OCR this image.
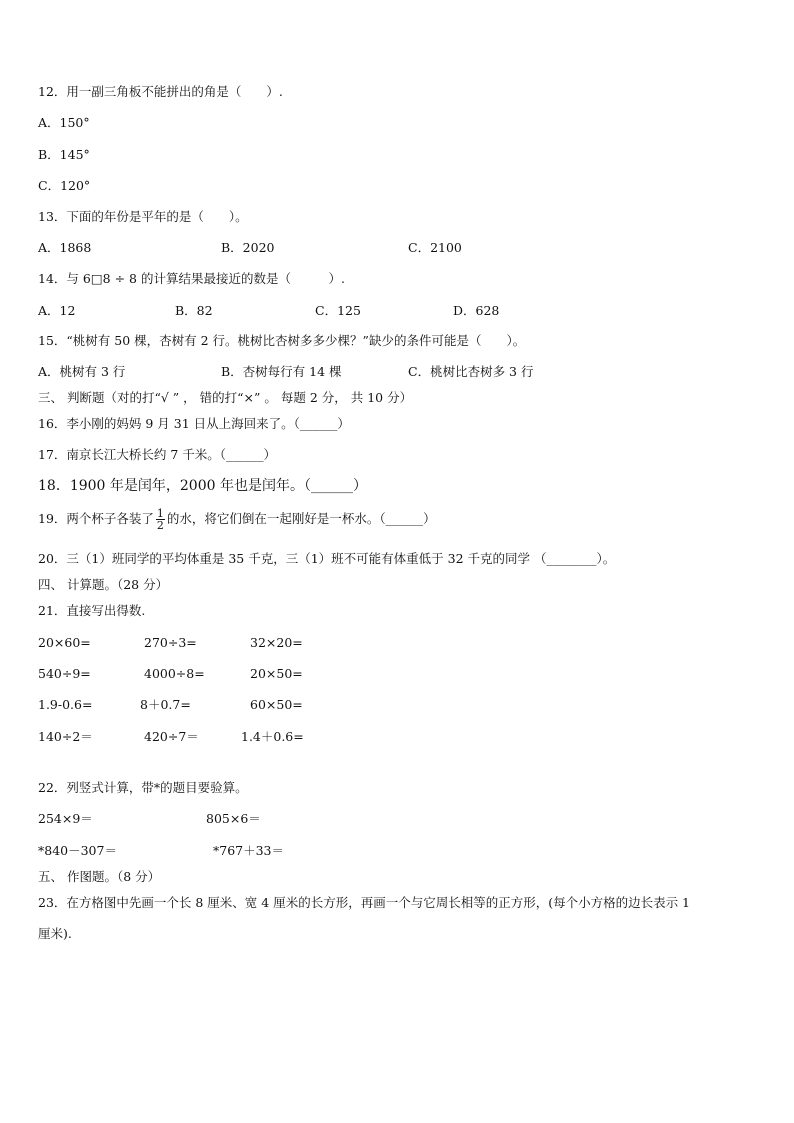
12．用一副三角板不能拼出的角是（　　）.
A．150°
B．145°
C．120°
13．下面的年份是平年的是（　　）。
A．1868	B．2020	C．2100
14．与 6□8 ÷ 8 的计算结果最接近的数是（　　　）.
A．12	B．82	C．125	D．628
15．“桃树有 50 棵，杏树有 2 行。桃树比杏树多多少棵？”缺少的条件可能是（　　）。
A．桃树有 3 行	B．杏树每行有 14 棵	C．桃树比杏树多 3 行
三、 判断题（对的打“√ ” ， 错的打“×” 。 每题 2 分， 共 10 分）
16．李小刚的妈妈 9 月 31 日从上海回来了。（______）
17．南京长江大桥长约 7 千米。（______）
18．1900 年是闰年，2000 年也是闰年。（______）
19．两个杯子各装了 $\frac{1}{2}$ 的水，将它们倒在一起刚好是一杯水。（______）
20．三（1）班同学的平均体重是 35 千克，三（1）班不可能有体重低于 32 千克的同学 （________）。
四、 计算题。（28 分）
21．直接写出得数.
20×60=	270÷3=	32×20=
540÷9=	4000÷8=	20×50=
1.9-0.6=	8＋0.7=	60×50=
140÷2＝	420÷7＝	1.4＋0.6=
22．列竖式计算，带*的题目要验算。
254×9＝	805×6＝
*840－307＝	*767＋33＝
五、 作图题。（8 分）
23．在方格图中先画一个长 8 厘米、宽 4 厘米的长方形，再画一个与它周长相等的正方形，(每个小方格的边长表示 1
厘米).
